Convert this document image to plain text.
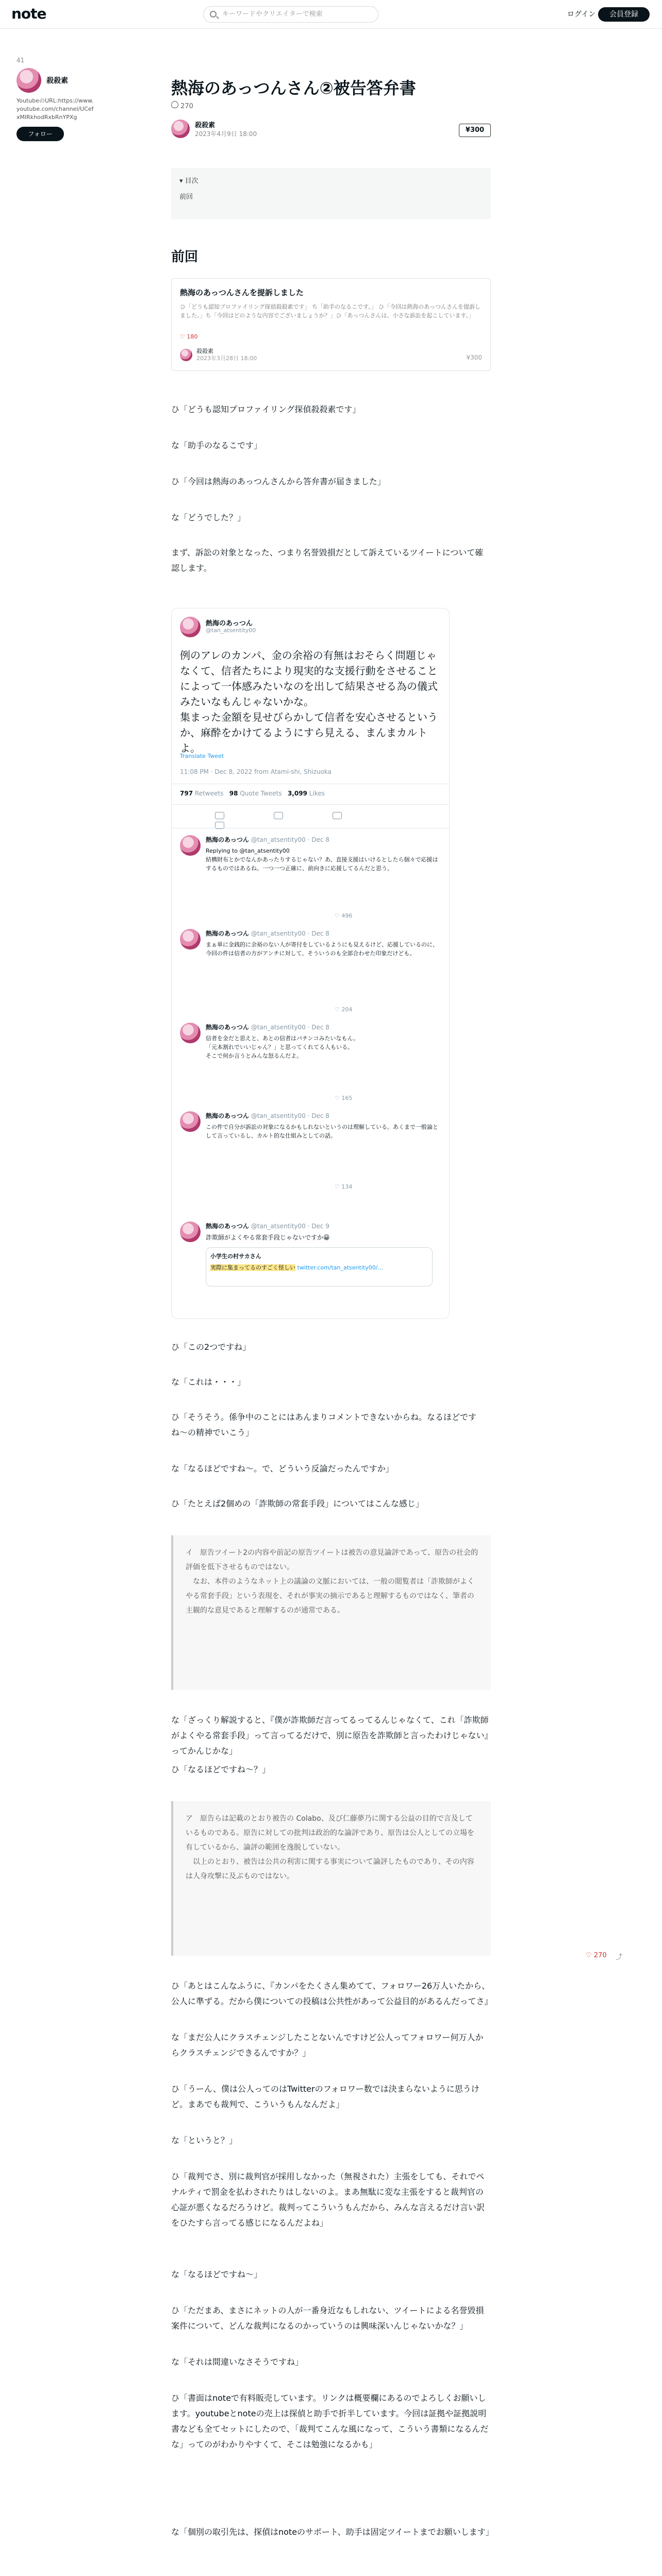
note	キーワードやクリエイターで検索	ログイン	会員登録
41
殺殺素
YoutubeのURL:https://www.youtube.com/channel/UCefxMlRkhodRxbRnYPXg
フォロー
熱海のあっつんさん②被告答弁書
270
殺殺素
2023年4月9日 18:00	¥300
▾ 目次
前回
前回
熱海のあっつんさんを提訴しました
ひ「どうも認知プロファイリング探偵殺殺素です」 ち「助手のなるこです。」 ひ「今回は熱海のあっつんさんを提訴しました。」ち「今回はどのような内容でございましょうか？」ひ「あっつんさんは、小さな訴訟を起こしています。」
♡ 180
殺殺素
2023年3月28日 18:00	¥300

ひ「どうも認知プロファイリング探偵殺殺素です」

な「助手のなるこです」

ひ「今回は熱海のあっつんさんから答弁書が届きました」

な「どうでした？」

まず、訴訟の対象となった、つまり名誉毀損だとして訴えているツイートについて確認します。

熱海のあっつん
@tan_atsentity00
例のアレのカンパ、金の余裕の有無はおそらく問題じゃなくて、信者たちにより現実的な支援行動をさせることによって一体感みたいなのを出して結果させる為の儀式みたいなもんじゃないかな。
集まった金額を見せびらかして信者を安心させるというか、麻酔をかけてるようにすら見える、まんまカルトよ。
Translate Tweet
11:08 PM · Dec 8, 2022 from Atami-shi, Shizuoka
797 Retweets 98 Quote Tweets 3,099 Likes
熱海のあっつん @tan_atsentity00 · Dec 8
Replying to @tan_atsentity00
結構財布とかでなんかあったりするじゃない？あ、直接支援はいけるとしたら個々で応援はするものではあるね。一つ一つ正確に、前向きに応援してるんだと思う。
♡ 496
熱海のあっつん @tan_atsentity00 · Dec 8
まぁ単に金銭的に余裕のない人が寄付をしているようにも見えるけど、応援しているのに、今回の件は信者の方がアンチに対して、そういうのも全部合わせた印象だけども。
♡ 204
熱海のあっつん @tan_atsentity00 · Dec 8
信者を金だと思えと、あとの信者はパチンコみたいなもん。
「元本割れでいいじゃん？」と思ってくれてる人もいる。
そこで何か言うとみんな怒るんだよ。
♡ 165
熱海のあっつん @tan_atsentity00 · Dec 8
この件で自分が訴訟の対象になるかもしれないというのは理解している。あくまで一般論として言っているし、カルト的な仕組みとしての話。
♡ 134
熱海のあっつん @tan_atsentity00 · Dec 9
詐欺師がよくやる常套手段じゃないですか😀
小学生の村サカさん
実際に集まってるのすごく怪しい twitter.com/tan_atsentity00/...

ひ「この2つですね」

な「これは・・・」

ひ「そうそう。係争中のことにはあんまりコメントできないからね。なるほどですね〜の精神でいこう」

な「なるほどですね〜。で、どういう反論だったんですか」

ひ「たとえば2個めの「詐欺師の常套手段」についてはこんな感じ」

イ　原告ツイート2の内容や前記の原告ツイートは被告の意見論評であって、原告の社会的評価を低下させるものではない。
　なお、本件のようなネット上の議論の文脈においては、一般の閲覧者は「詐欺師がよくやる常套手段」という表現を、それが事実の摘示であると理解するものではなく、筆者の主観的な意見であると理解するのが通常である。

な「ざっくり解説すると、『僕が詐欺師だ言ってるってるんじゃなくて、これ「詐欺師がよくやる常套手段」って言ってるだけで、別に原告を詐欺師と言ったわけじゃない』ってかんじかな」

ひ「なるほどですね〜？」

ア　原告らは記載のとおり被告の Colabo、及び仁藤夢乃に関する公益の目的で言及しているものである。原告に対しての批判は政治的な論評であり、原告は公人としての立場を有しているから、論評の範囲を逸脱していない。
　以上のとおり、被告は公共の利害に関する事実について論評したものであり、その内容は人身攻撃に及ぶものではない。
♡ 270 ⤴

ひ「あとはこんなふうに、『カンパをたくさん集めてて、フォロワー26万人いたから、公人に準ずる。だから僕についての投稿は公共性があって公益目的があるんだってさ』

な「まだ公人にクラスチェンジしたことないんですけど公人ってフォロワー何万人からクラスチェンジできるんですか？」

ひ「うーん、僕は公人ってのはTwitterのフォロワー数では決まらないように思うけど。まあでも裁判で、こういうもんなんだよ」

な「というと？」

ひ「裁判でさ、別に裁判官が採用しなかった（無視された）主張をしても、それでペナルティで罰金を払わされたりはしないのよ。まあ無駄に変な主張をすると裁判官の心証が悪くなるだろうけど。裁判ってこういうもんだから、みんな言えるだけ言い訳をひたすら言ってる感じになるんだよね」

な「なるほどですね〜」

ひ「ただまあ、まさにネットの人が一番身近なもしれない、ツイートによる名誉毀損案件について、どんな裁判になるのかっていうのは興味深いんじゃないかな？」

な「それは間違いなさそうですね」

ひ「書面はnoteで有料販売しています。リンクは概要欄にあるのでよろしくお願いします。youtubeとnoteの売上は探偵と助手で折半しています。今回は証拠や証拠説明書なども全てセットにしたので、「裁判てこんな風になって、こういう書類になるんだな」ってのがわかりやすくて、そこは勉強になるかも」

な「個別の取引先は、探偵はnoteのサポート、助手は固定ツイートまでお願いします」
